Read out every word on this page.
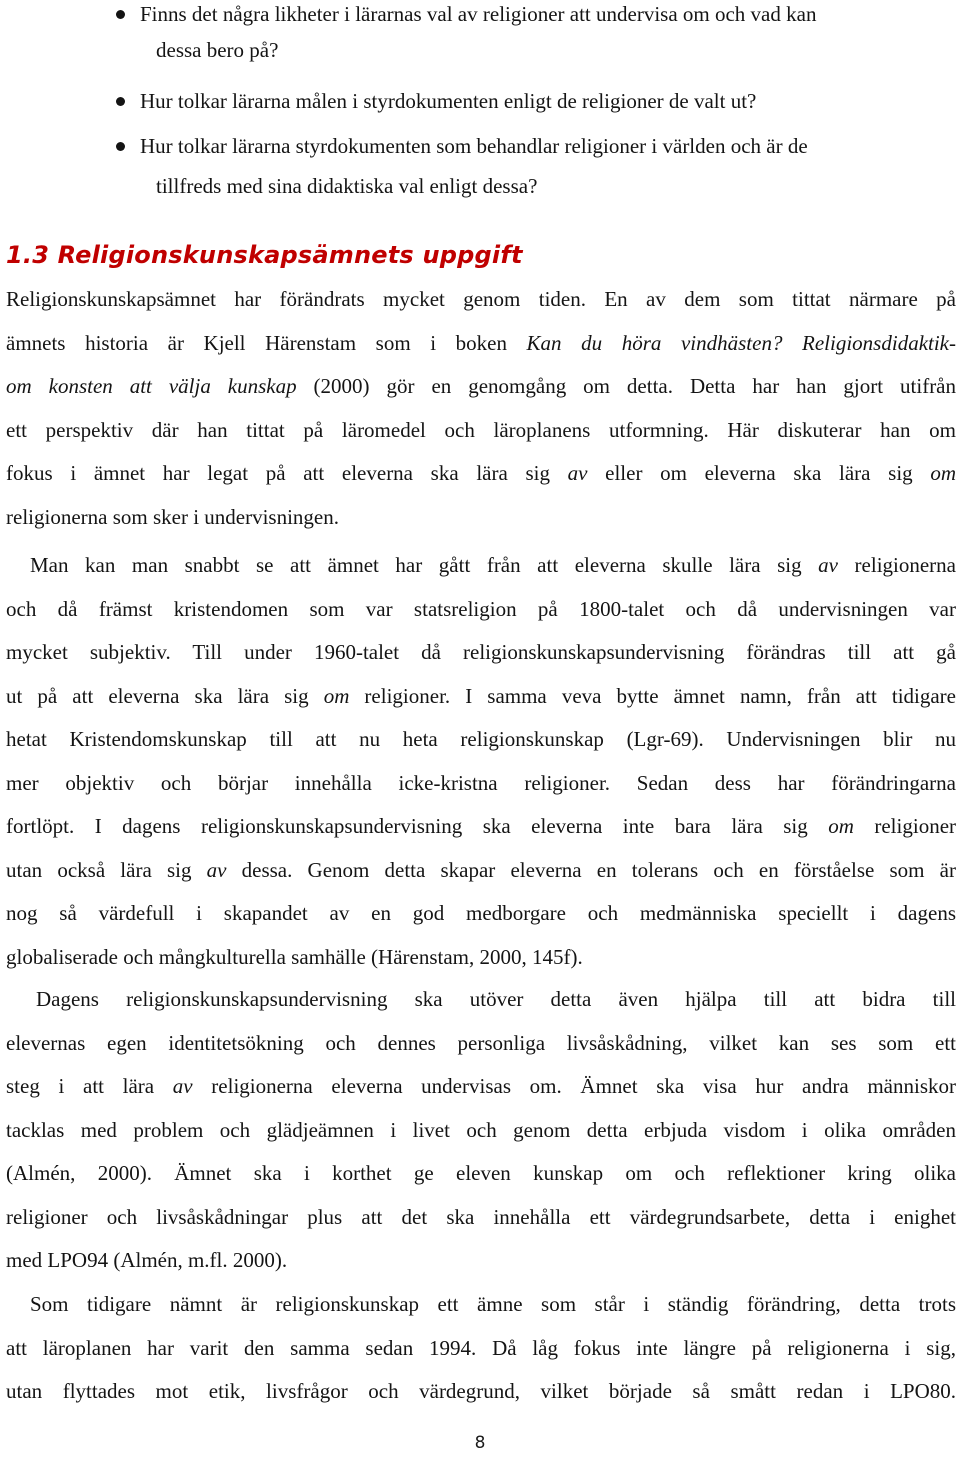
Finns det några likheter i lärarnas val av religioner att undervisa om och vad kan
dessa bero på?
Hur tolkar lärarna målen i styrdokumenten enligt de religioner de valt ut?
Hur tolkar lärarna styrdokumenten som behandlar religioner i världen och är de
tillfreds med sina didaktiska val enligt dessa?
1.3 Religionskunskapsämnets uppgift
Religionskunskapsämnet har förändrats mycket genom tiden. En av dem som tittat närmare på
ämnets historia är Kjell Härenstam som i boken Kan du höra vindhästen? Religionsdidaktik-
om konsten att välja kunskap (2000) gör en genomgång om detta. Detta har han gjort utifrån
ett perspektiv där han tittat på läromedel och läroplanens utformning. Här diskuterar han om
fokus i ämnet har legat på att eleverna ska lära sig av eller om eleverna ska lära sig om
religionerna som sker i undervisningen.
Man kan man snabbt se att ämnet har gått från att eleverna skulle lära sig av religionerna
och då främst kristendomen som var statsreligion på 1800-talet och då undervisningen var
mycket subjektiv. Till under 1960-talet då religionskunskapsundervisning förändras till att gå
ut på att eleverna ska lära sig om religioner. I samma veva bytte ämnet namn, från att tidigare
hetat Kristendomskunskap till att nu heta religionskunskap (Lgr-69). Undervisningen blir nu
mer objektiv och börjar innehålla icke-kristna religioner. Sedan dess har förändringarna
fortlöpt. I dagens religionskunskapsundervisning ska eleverna inte bara lära sig om religioner
utan också lära sig av dessa. Genom detta skapar eleverna en tolerans och en förståelse som är
nog så värdefull i skapandet av en god medborgare och medmänniska speciellt i dagens
globaliserade och mångkulturella samhälle (Härenstam, 2000, 145f).
Dagens religionskunskapsundervisning ska utöver detta även hjälpa till att bidra till
elevernas egen identitetsökning och dennes personliga livsåskådning, vilket kan ses som ett
steg i att lära av religionerna eleverna undervisas om. Ämnet ska visa hur andra människor
tacklas med problem och glädjeämnen i livet och genom detta erbjuda visdom i olika områden
(Almén, 2000). Ämnet ska i korthet ge eleven kunskap om och reflektioner kring olika
religioner och livsåskådningar plus att det ska innehålla ett värdegrundsarbete, detta i enighet
med LPO94 (Almén, m.fl. 2000).
Som tidigare nämnt är religionskunskap ett ämne som står i ständig förändring, detta trots
att läroplanen har varit den samma sedan 1994. Då låg fokus inte längre på religionerna i sig,
utan flyttades mot etik, livsfrågor och värdegrund, vilket började så smått redan i LPO80.
8
